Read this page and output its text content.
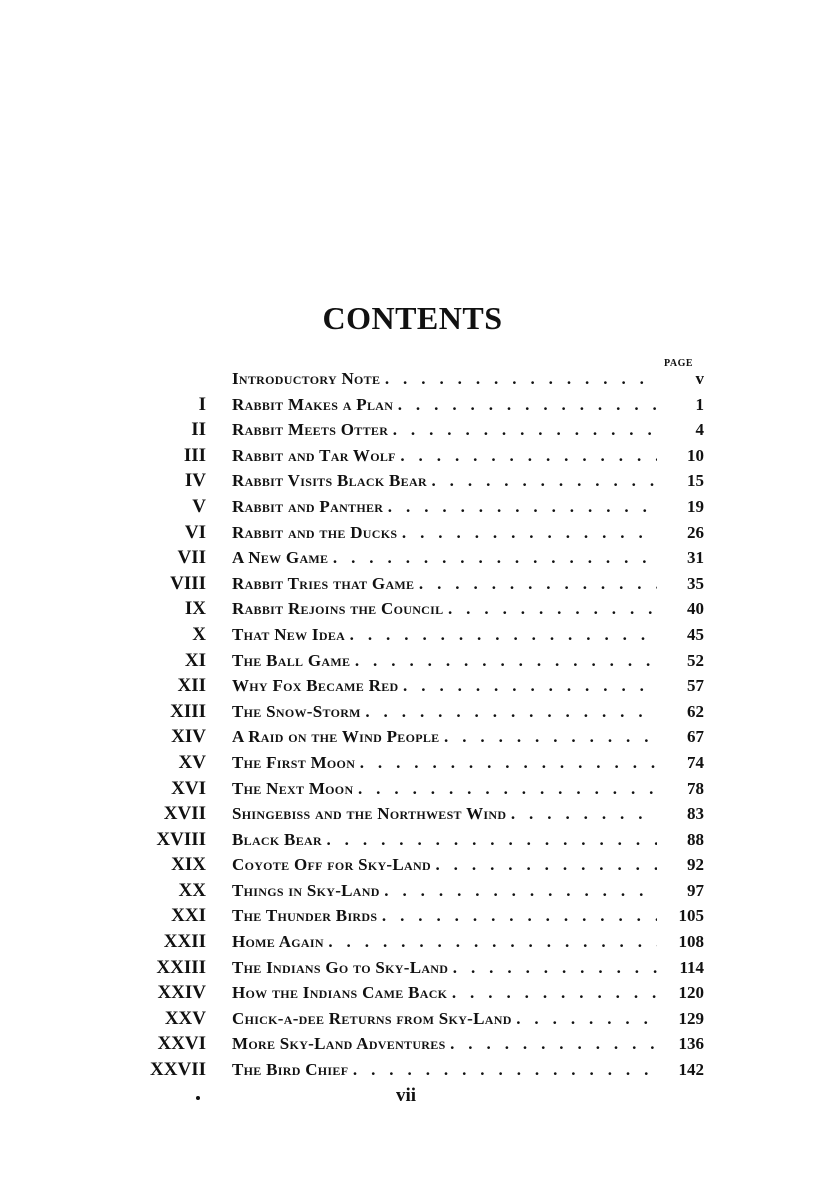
CONTENTS
PAGE
Introductory Note . .	v
I Rabbit Makes a Plan . .	1
II Rabbit Meets Otter . .	4
III Rabbit and Tar Wolf . .	10
IV Rabbit Visits Black Bear . .	15
V Rabbit and Panther . .	19
VI Rabbit and the Ducks . .	26
VII A New Game . .	31
VIII Rabbit Tries that Game . .	35
IX Rabbit Rejoins the Council . .	40
X That New Idea . .	45
XI The Ball Game . .	52
XII Why Fox Became Red . .	57
XIII The Snow-Storm . .	62
XIV A Raid on the Wind People . .	67
XV The First Moon . .	74
XVI The Next Moon . .	78
XVII Shingebiss and the Northwest Wind . .	83
XVIII Black Bear . .	88
XIX Coyote Off for Sky-Land . .	92
XX Things in Sky-Land . .	97
XXI The Thunder Birds . .	105
XXII Home Again . .	108
XXIII The Indians Go to Sky-Land . .	114
XXIV How the Indians Came Back . .	120
XXV Chick-a-dee Returns from Sky-Land . .	129
XXVI More Sky-Land Adventures . .	136
XXVII The Bird Chief . .	142
vii
